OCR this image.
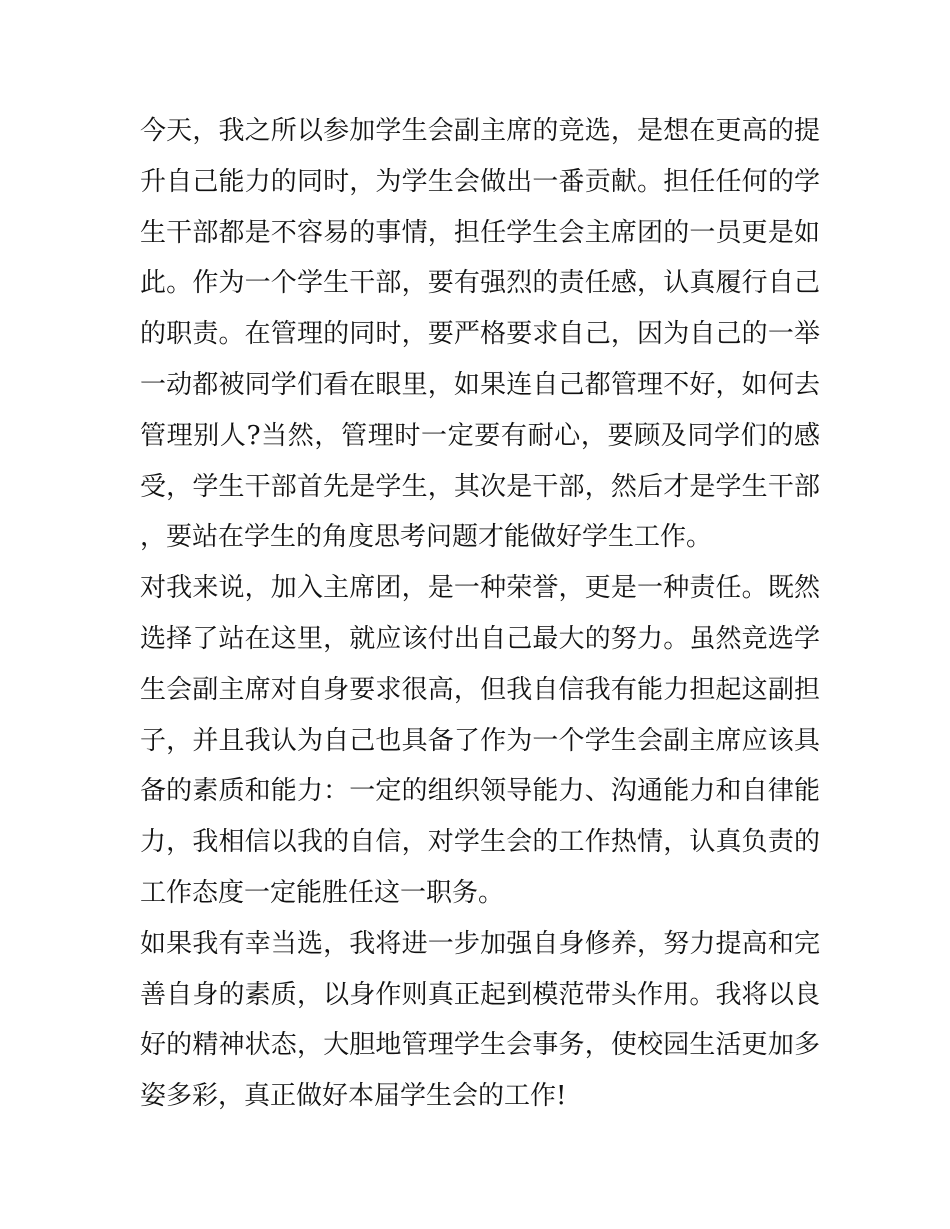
今天，我之所以参加学生会副主席的竞选，是想在更高的提升自己能力的同时，为学生会做出一番贡献。担任任何的学生干部都是不容易的事情，担任学生会主席团的一员更是如此。作为一个学生干部，要有强烈的责任感，认真履行自己的职责。在管理的同时，要严格要求自己，因为自己的一举一动都被同学们看在眼里，如果连自己都管理不好，如何去管理别人?当然，管理时一定要有耐心，要顾及同学们的感受，学生干部首先是学生，其次是干部，然后才是学生干部，要站在学生的角度思考问题才能做好学生工作。

对我来说，加入主席团，是一种荣誉，更是一种责任。既然选择了站在这里，就应该付出自己最大的努力。虽然竞选学生会副主席对自身要求很高，但我自信我有能力担起这副担子，并且我认为自己也具备了作为一个学生会副主席应该具备的素质和能力：一定的组织领导能力、沟通能力和自律能力，我相信以我的自信，对学生会的工作热情，认真负责的工作态度一定能胜任这一职务。

如果我有幸当选，我将进一步加强自身修养，努力提高和完善自身的素质，以身作则真正起到模范带头作用。我将以良好的精神状态，大胆地管理学生会事务，使校园生活更加多姿多彩，真正做好本届学生会的工作!
